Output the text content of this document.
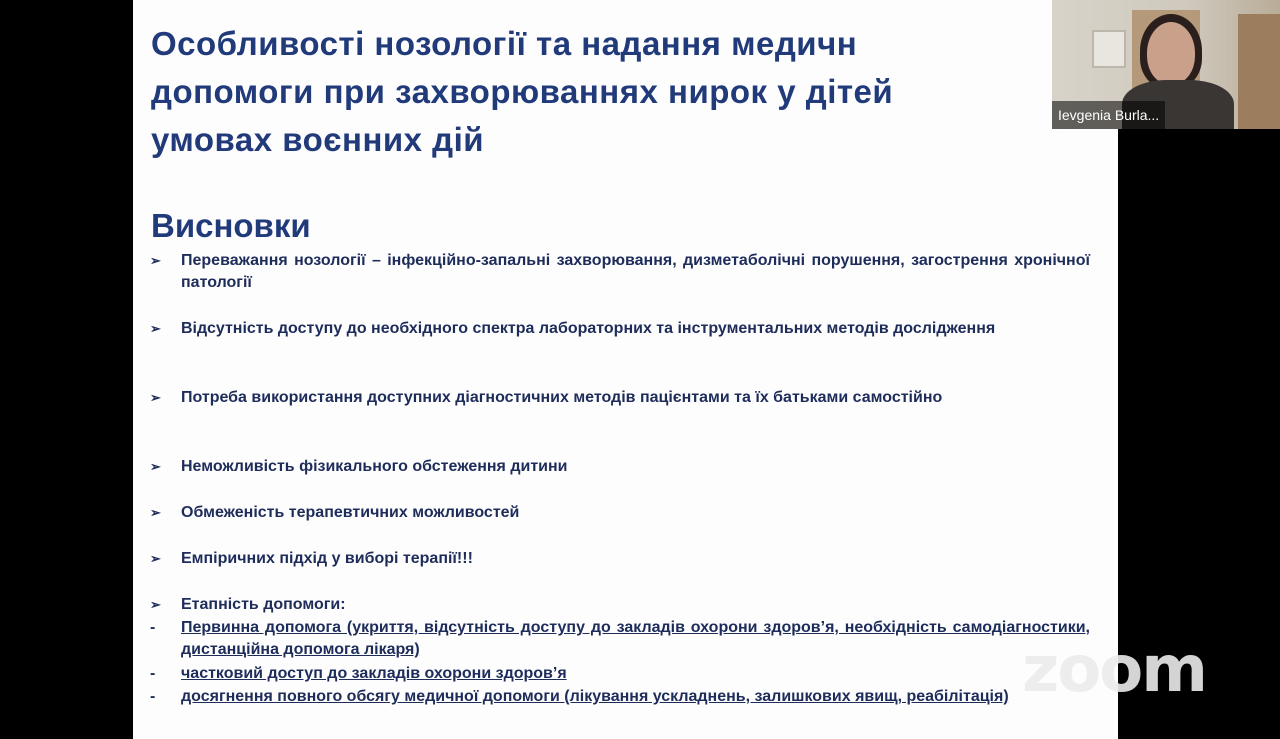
Особливості нозології та надання медичн
допомоги при захворюваннях нирок у дітей
умовах воєнних дій
Висновки
➢	Переважання нозології – інфекційно-запальні захворювання, дизметаболічні порушення, загострення хронічної патології
➢	Відсутність доступу до необхідного спектра лабораторних та інструментальних методів дослідження
➢	Потреба використання доступних діагностичних методів пацієнтами та їх батьками самостійно
➢	Неможливість фізикального обстеження дитини
➢	Обмеженість терапевтичних можливостей
➢	Емпіричних підхід у виборі терапії!!!
➢	Етапність допомоги:
-	Первинна допомога (укриття, відсутність доступу до закладів охорони здоров’я, необхідність самодіагностики, дистанційна допомога лікаря)
-	частковий доступ до закладів охорони здоров’я
-	досягнення повного обсягу медичної допомоги (лікування ускладнень, залишкових явищ, реабілітація)
Ievgenia Burla...
zoom
